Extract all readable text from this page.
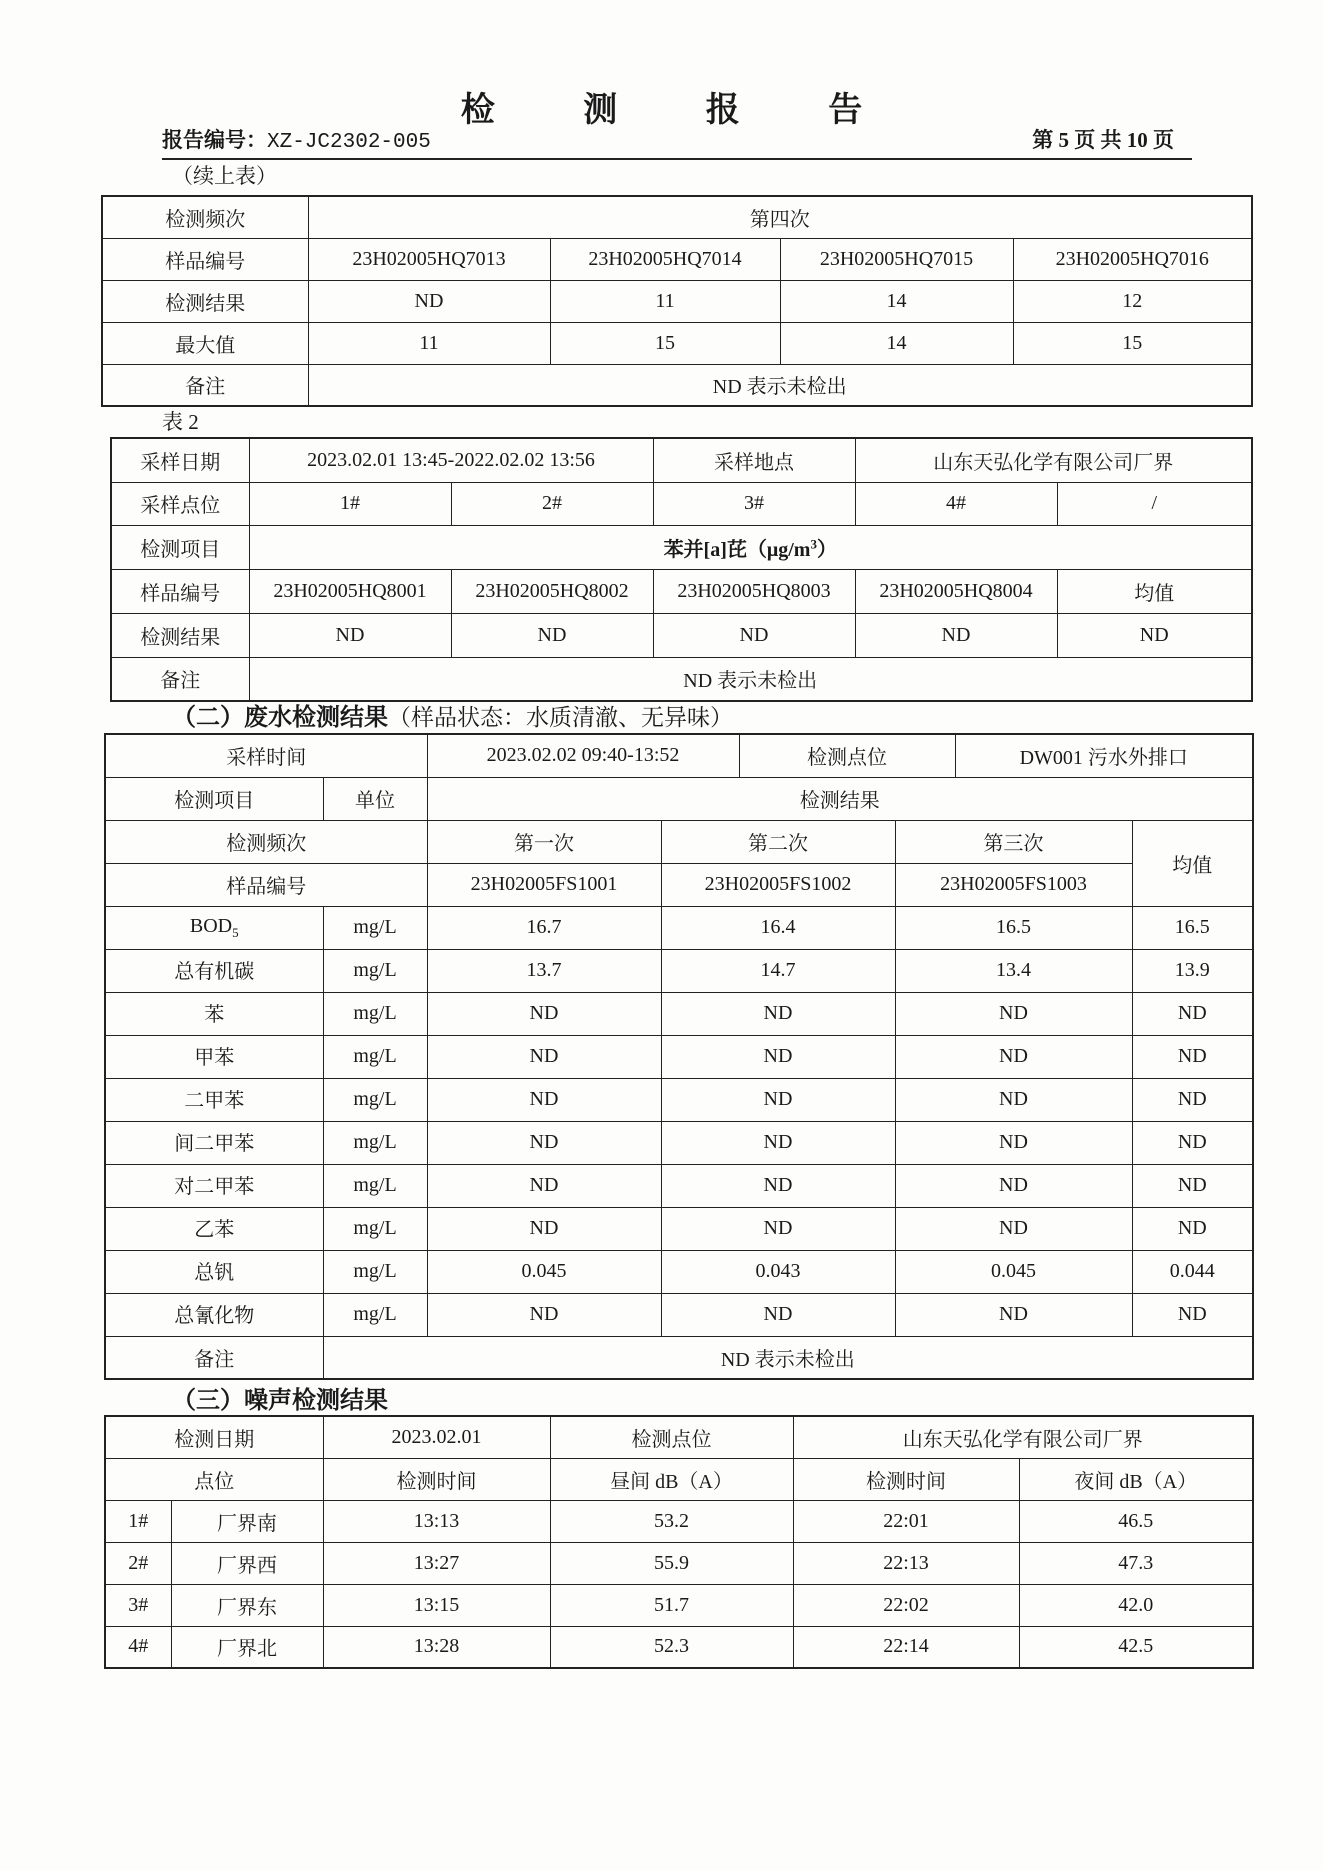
检 测 报 告
报告编号：XZ-JC2302-005	第 5 页 共 10 页
（续上表）
检测频次	第四次			
样品编号	23H02005HQ7013	23H02005HQ7014	23H02005HQ7015	23H02005HQ7016
检测结果	ND	11	14	12
最大值	11	15	14	15
备注	ND 表示未检出			
表 2
采样日期	2023.02.01 13:45-2022.02.02 13:56		采样地点	山东天弘化学有限公司厂界	
采样点位	1#	2#	3#	4#	/
检测项目	苯并[a]芘$(\mu g/m^3)$				
样品编号	23H02005HQ8001	23H02005HQ8002	23H02005HQ8003	23H02005HQ8004	均值
检测结果	ND	ND	ND	ND	ND
备注	ND 表示未检出				
（二）废水检测结果（样品状态：水质清澈、无异味）
采样时间		2023.02.02 09:40-13:52		检测点位		DW001 污水外排口	
检测项目	单位	检测结果					
检测频次		第一次	第二次		第三次		均值
样品编号		23H02005FS1001	23H02005FS1002		23H02005FS1003		
$BOD_5$	mg/L	16.7	16.4		16.5		16.5
总有机碳	mg/L	13.7	14.7		13.4		13.9
苯	mg/L	ND	ND		ND		ND
甲苯	mg/L	ND	ND		ND		ND
二甲苯	mg/L	ND	ND		ND		ND
间二甲苯	mg/L	ND	ND		ND		ND
对二甲苯	mg/L	ND	ND		ND		ND
乙苯	mg/L	ND	ND		ND		ND
总钒	mg/L	0.045	0.043		0.045		0.044
总氰化物	mg/L	ND	ND		ND		ND
备注	ND 表示未检出						
（三）噪声检测结果
检测日期		2023.02.01	检测点位	山东天弘化学有限公司厂界	
点位		检测时间	昼间 dB（A）	检测时间	夜间 dB（A）
1#	厂界南	13:13	53.2	22:01	46.5
2#	厂界西	13:27	55.9	22:13	47.3
3#	厂界东	13:15	51.7	22:02	42.0
4#	厂界北	13:28	52.3	22:14	42.5
